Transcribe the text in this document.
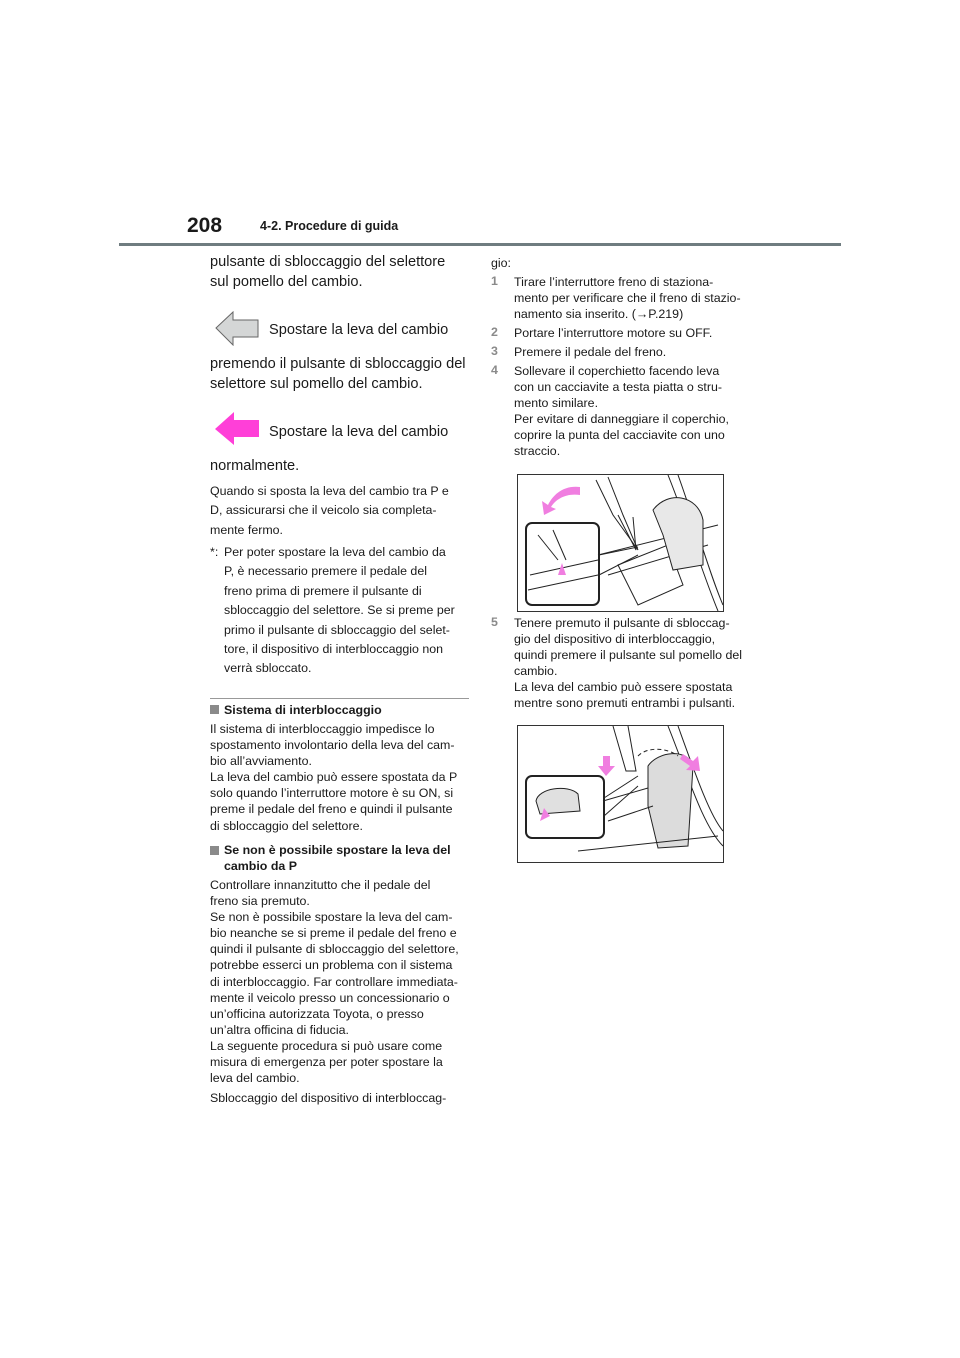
208	4-2. Procedure di guida
pulsante di sbloccaggio del selettore
sul pomello del cambio.
Spostare la leva del cambio
premendo il pulsante di sbloccaggio del
selettore sul pomello del cambio.
Spostare la leva del cambio
normalmente.
Quando si sposta la leva del cambio tra P e
D, assicurarsi che il veicolo sia completa-
mente fermo.
*: Per poter spostare la leva del cambio da
P, è necessario premere il pedale del
freno prima di premere il pulsante di
sbloccaggio del selettore. Se si preme per
primo il pulsante di sbloccaggio del selet-
tore, il dispositivo di interbloccaggio non
verrà sbloccato.
Sistema di interbloccaggio
Il sistema di interbloccaggio impedisce lo
spostamento involontario della leva del cam-
bio all’avviamento.
La leva del cambio può essere spostata da P
solo quando l’interruttore motore è su ON, si
preme il pedale del freno e quindi il pulsante
di sbloccaggio del selettore.
Se non è possibile spostare la leva del
cambio da P
Controllare innanzitutto che il pedale del
freno sia premuto.
Se non è possibile spostare la leva del cam-
bio neanche se si preme il pedale del freno e
quindi il pulsante di sbloccaggio del selettore,
potrebbe esserci un problema con il sistema
di interbloccaggio. Far controllare immediata-
mente il veicolo presso un concessionario o
un’officina autorizzata Toyota, o presso
un’altra officina di fiducia.
La seguente procedura si può usare come
misura di emergenza per poter spostare la
leva del cambio.
Sbloccaggio del dispositivo di interbloccag-
gio:
1 Tirare l’interruttore freno di staziona-
mento per verificare che il freno di stazio-
namento sia inserito. (→P.219)
2 Portare l’interruttore motore su OFF.
3 Premere il pedale del freno.
4 Sollevare il coperchietto facendo leva
con un cacciavite a testa piatta o stru-
mento similare.
Per evitare di danneggiare il coperchio,
coprire la punta del cacciavite con uno
straccio.
5 Tenere premuto il pulsante di sbloccag-
gio del dispositivo di interbloccaggio,
quindi premere il pulsante sul pomello del
cambio.
La leva del cambio può essere spostata
mentre sono premuti entrambi i pulsanti.
